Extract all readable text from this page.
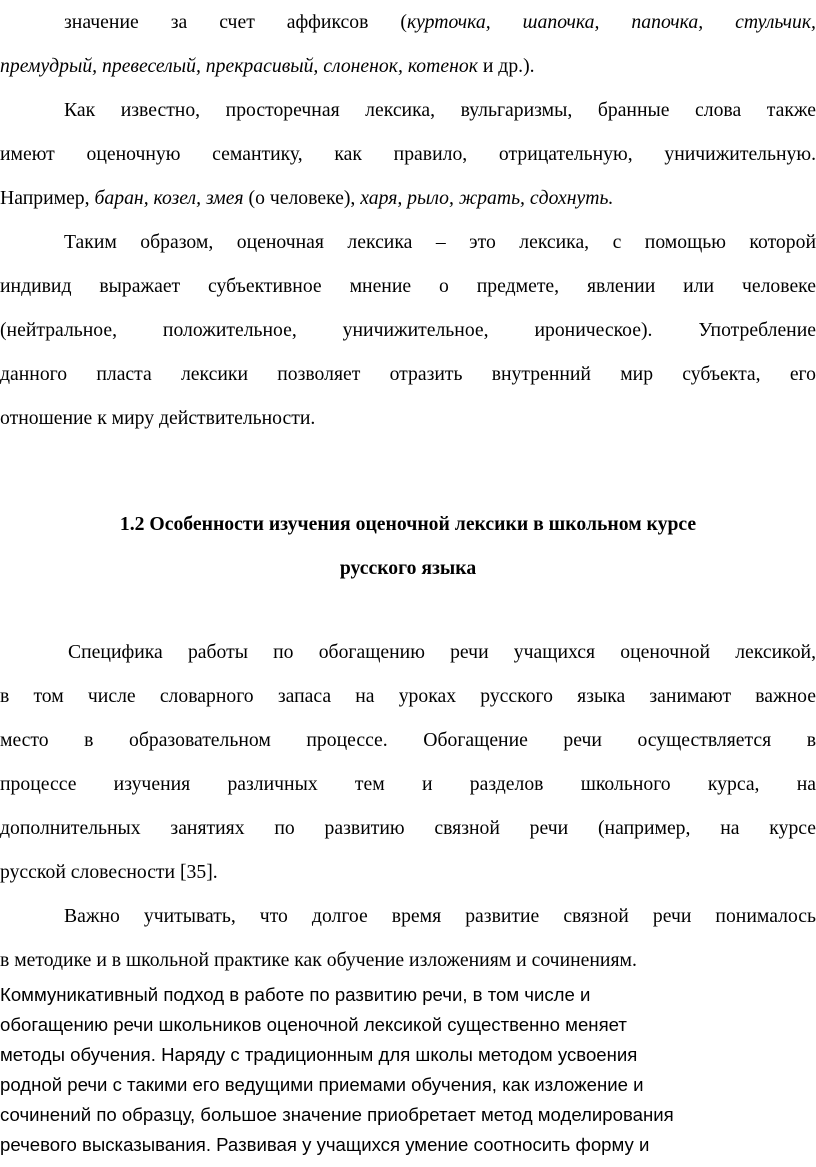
значение за счет аффиксов (курточка, шапочка, папочка, стульчик,

премудрый, превеселый, прекрасивый, слоненок, котенок и др.).

Как известно, просторечная лексика, вульгаризмы, бранные слова также

имеют оценочную семантику, как правило, отрицательную, уничижительную.

Например, баран, козел, змея (о человеке), харя, рыло, жрать, сдохнуть.

Таким образом, оценочная лексика – это лексика, с помощью которой

индивид выражает субъективное мнение о предмете, явлении или человеке

(нейтральное, положительное, уничижительное, ироническое). Употребление

данного пласта лексики позволяет отразить внутренний мир субъекта, его

отношение к миру действительности.

1.2 Особенности изучения оценочной лексики в школьном курсе
русского языка

Специфика работы по обогащению речи учащихся оценочной лексикой,

в том числе словарного запаса на уроках русского языка занимают важное

место в образовательном процессе. Обогащение речи осуществляется в

процессе изучения различных тем и разделов школьного курса, на

дополнительных занятиях по развитию связной речи (например, на курсе

русской словесности [35].

Важно учитывать, что долгое время развитие связной речи понималось

в методике и в школьной практике как обучение изложениям и сочинениям.

Коммуникативный подход в работе по развитию речи, в том числе и

обогащению речи школьников оценочной лексикой существенно меняет

методы обучения. Наряду с традиционным для школы методом усвоения

родной речи с такими его ведущими приемами обучения, как изложение и

сочинений по образцу, большое значение приобретает метод моделирования

речевого высказывания. Развивая у учащихся умение соотносить форму и
